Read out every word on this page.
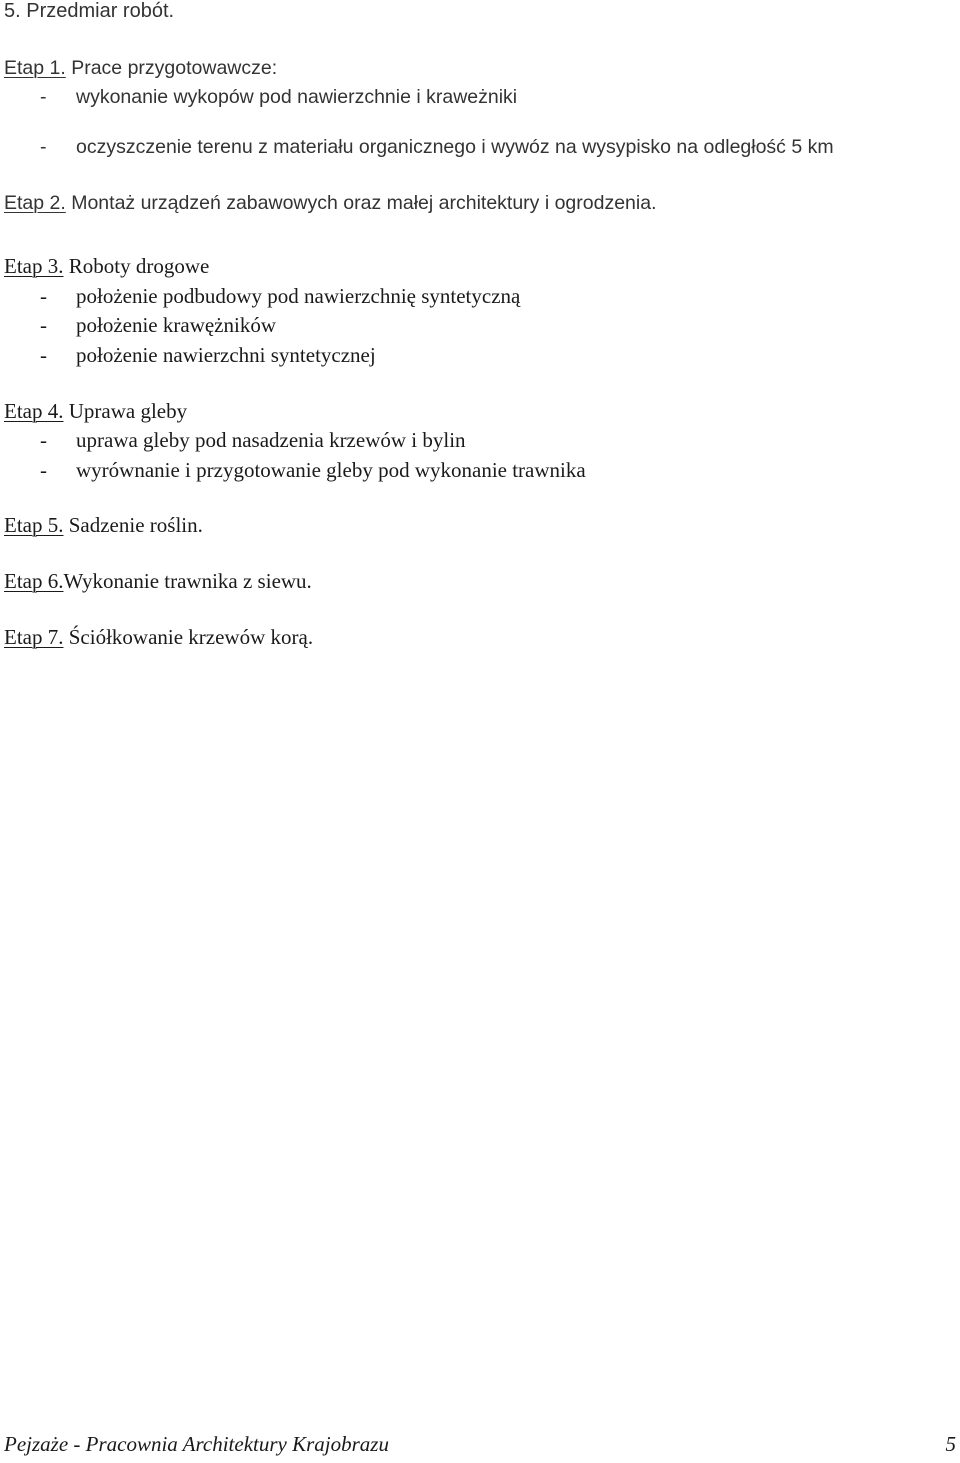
5. Przedmiar robót.
Etap 1. Prace przygotowawcze:
- wykonanie wykopów pod nawierzchnie i kraweżniki
- oczyszczenie terenu z materiału organicznego i wywóz na wysypisko na odległość 5 km
Etap 2. Montaż urządzeń zabawowych oraz małej architektury i ogrodzenia.
Etap 3. Roboty drogowe
- położenie podbudowy pod nawierzchnię syntetyczną
- położenie krawężników
- położenie nawierzchni syntetycznej
Etap 4. Uprawa gleby
- uprawa gleby pod nasadzenia krzewów i bylin
- wyrównanie i przygotowanie gleby pod wykonanie trawnika
Etap 5. Sadzenie roślin.
Etap 6.Wykonanie trawnika z siewu.
Etap 7. Ściółkowanie krzewów korą.
Pejzaże - Pracownia Architektury Krajobrazu	5
